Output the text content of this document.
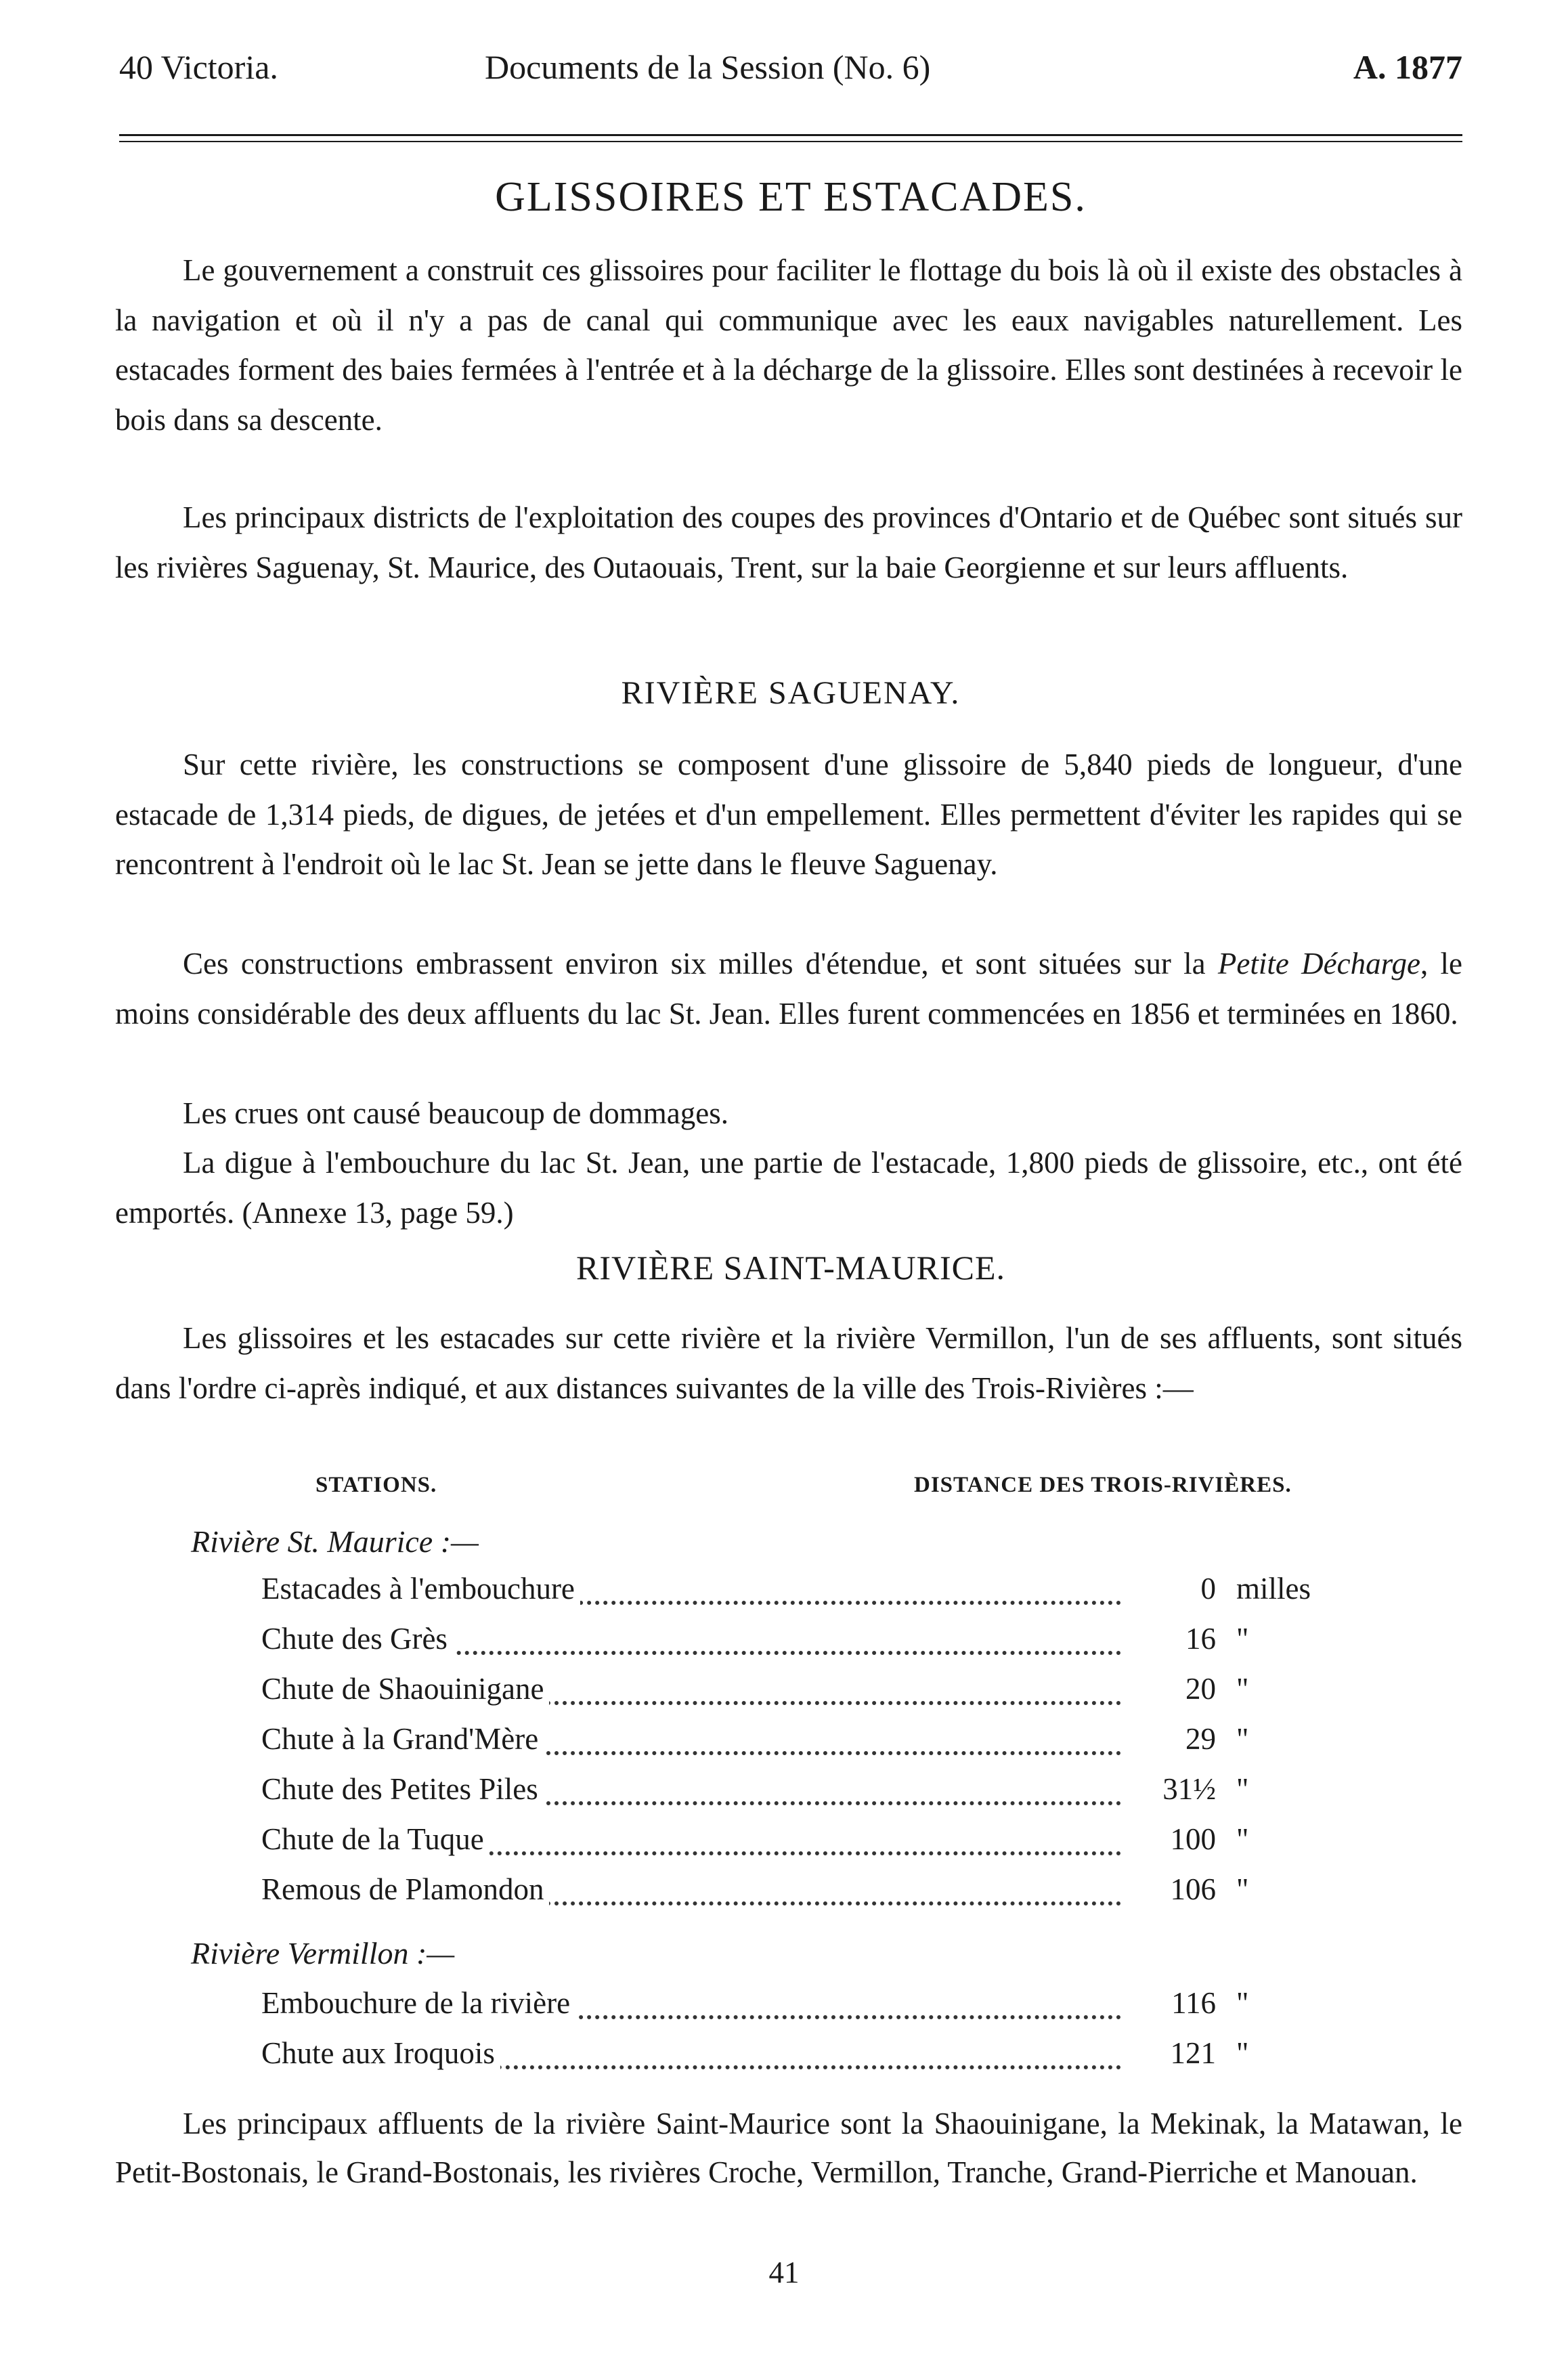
40 Victoria.	Documents de la Session (No. 6)	A. 1877
GLISSOIRES ET ESTACADES.

Le gouvernement a construit ces glissoires pour faciliter le flottage du bois là où il existe des obstacles à la navigation et où il n'y a pas de canal qui communique avec les eaux navigables naturellement. Les estacades forment des baies fermées à l'entrée et à la décharge de la glissoire. Elles sont destinées à recevoir le bois dans sa descente.

Les principaux districts de l'exploitation des coupes des provinces d'Ontario et de Québec sont situés sur les rivières Saguenay, St. Maurice, des Outaouais, Trent, sur la baie Georgienne et sur leurs affluents.

RIVIÈRE SAGUENAY.

Sur cette rivière, les constructions se composent d'une glissoire de 5,840 pieds de longueur, d'une estacade de 1,314 pieds, de digues, de jetées et d'un empellement. Elles permettent d'éviter les rapides qui se rencontrent à l'endroit où le lac St. Jean se jette dans le fleuve Saguenay.

Ces constructions embrassent environ six milles d'étendue, et sont situées sur la Petite Décharge, le moins considérable des deux affluents du lac St. Jean. Elles furent commencées en 1856 et terminées en 1860.

Les crues ont causé beaucoup de dommages.

La digue à l'embouchure du lac St. Jean, une partie de l'estacade, 1,800 pieds de glissoire, etc., ont été emportés. (Annexe 13, page 59.)

RIVIÈRE SAINT-MAURICE.

Les glissoires et les estacades sur cette rivière et la rivière Vermillon, l'un de ses affluents, sont situés dans l'ordre ci-après indiqué, et aux distances suivantes de la ville des Trois-Rivières :—

STATIONS.	DISTANCE DES TROIS-RIVIÈRES.
Rivière St. Maurice :—
Estacades à l'embouchure	0 milles
Chute des Grès	16 "
Chute de Shaouinigane	20 "
Chute à la Grand'Mère	29 "
Chute des Petites Piles	31½ "
Chute de la Tuque	100 "
Remous de Plamondon	106 "
Rivière Vermillon :—
Embouchure de la rivière	116 "
Chute aux Iroquois	121 "

Les principaux affluents de la rivière Saint-Maurice sont la Shaouinigane, la Mekinak, la Matawan, le Petit-Bostonais, le Grand-Bostonais, les rivières Croche, Vermillon, Tranche, Grand-Pierriche et Manouan.

41
